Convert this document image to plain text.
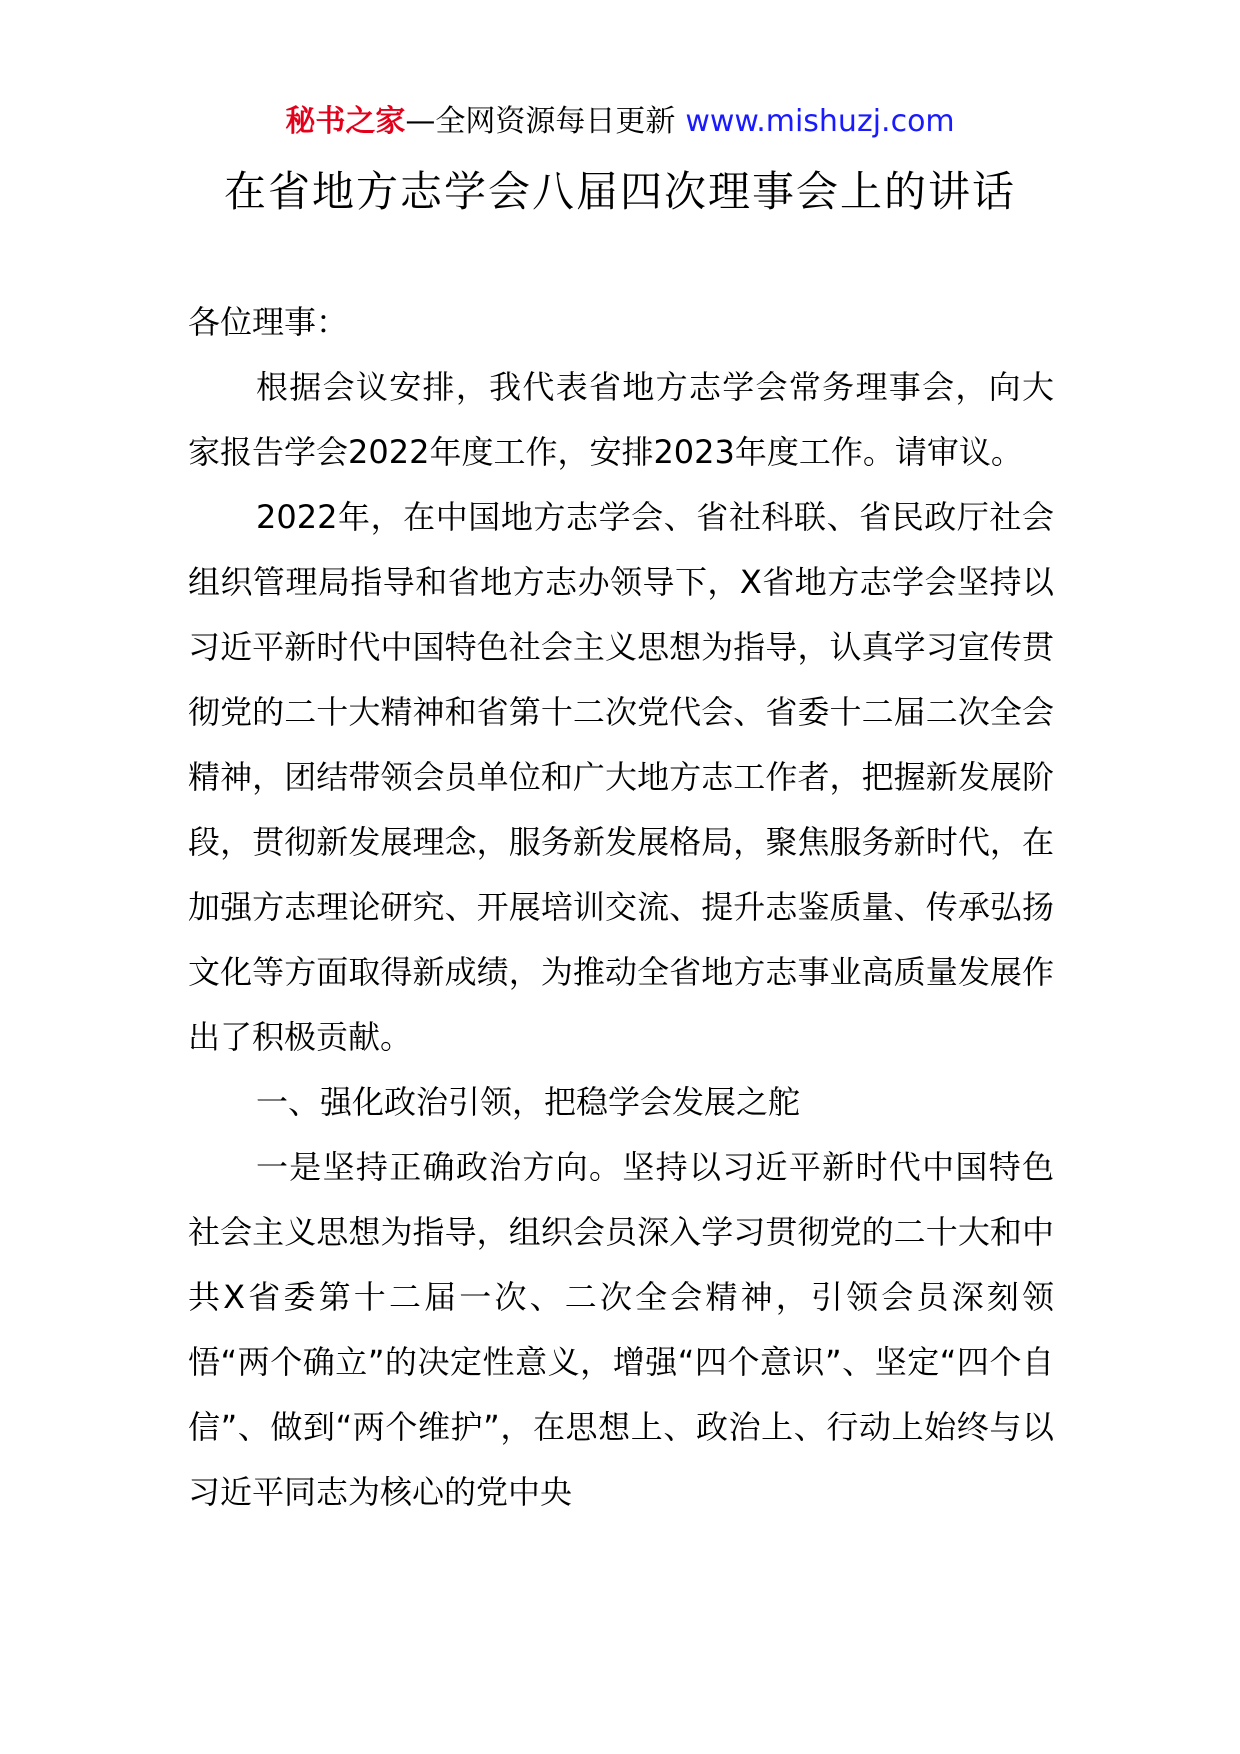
秘书之家—全网资源每日更新 www.mishuzj.com
在省地方志学会八届四次理事会上的讲话

各位理事：

根据会议安排，我代表省地方志学会常务理事会，向大家报告学会2022年度工作，安排2023年度工作。请审议。

2022年，在中国地方志学会、省社科联、省民政厅社会组织管理局指导和省地方志办领导下，X省地方志学会坚持以习近平新时代中国特色社会主义思想为指导，认真学习宣传贯彻党的二十大精神和省第十二次党代会、省委十二届二次全会精神，团结带领会员单位和广大地方志工作者，把握新发展阶段，贯彻新发展理念，服务新发展格局，聚焦服务新时代，在加强方志理论研究、开展培训交流、提升志鉴质量、传承弘扬文化等方面取得新成绩，为推动全省地方志事业高质量发展作出了积极贡献。

一、强化政治引领，把稳学会发展之舵

一是坚持正确政治方向。坚持以习近平新时代中国特色社会主义思想为指导，组织会员深入学习贯彻党的二十大和中共X省委第十二届一次、二次全会精神，引领会员深刻领悟“两个确立”的决定性意义，增强“四个意识”、坚定“四个自信”、做到“两个维护”，在思想上、政治上、行动上始终与以习近平同志为核心的党中央
